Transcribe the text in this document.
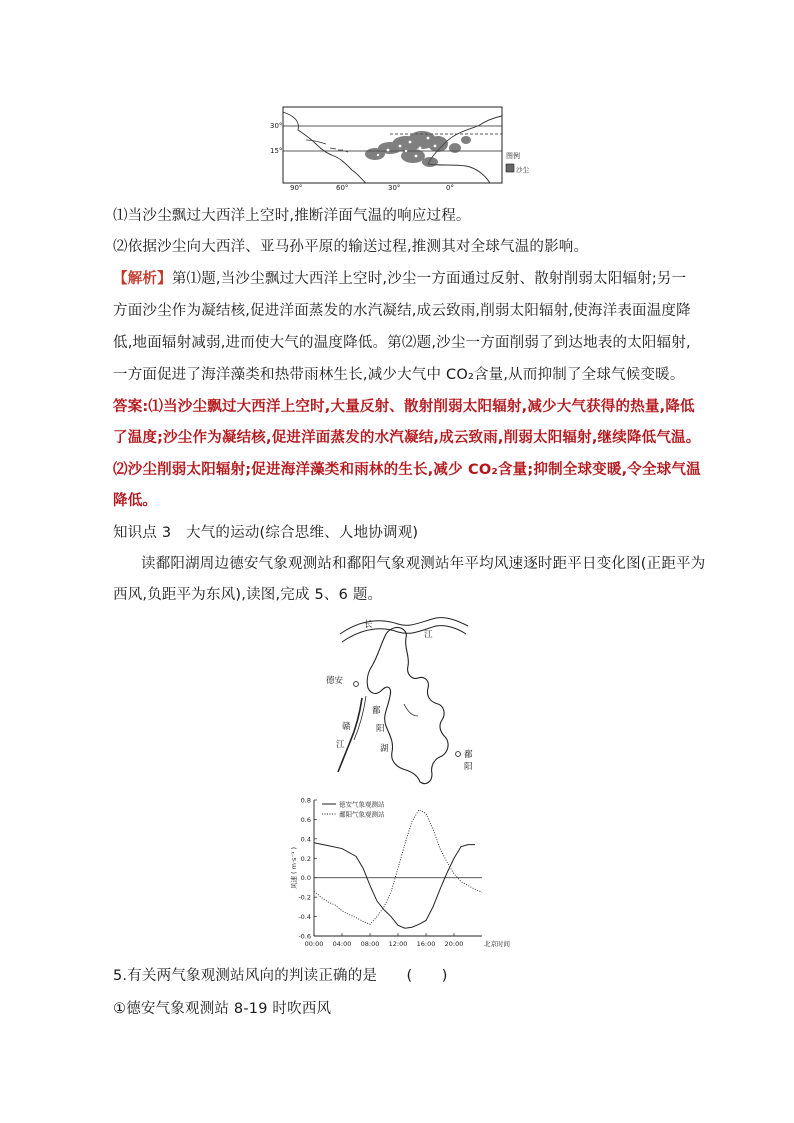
30°
15°
90°	60°	30°	0°
图例
沙尘
⑴当沙尘飘过大西洋上空时,推断洋面气温的响应过程。
⑵依据沙尘向大西洋、亚马孙平原的输送过程,推测其对全球气温的影响。
【解析】第⑴题,当沙尘飘过大西洋上空时,沙尘一方面通过反射、散射削弱太阳辐射;另一
方面沙尘作为凝结核,促进洋面蒸发的水汽凝结,成云致雨,削弱太阳辐射,使海洋表面温度降
低,地面辐射减弱,进而使大气的温度降低。第⑵题,沙尘一方面削弱了到达地表的太阳辐射,
一方面促进了海洋藻类和热带雨林生长,减少大气中 CO₂含量,从而抑制了全球气候变暖。
答案:⑴当沙尘飘过大西洋上空时,大量反射、散射削弱太阳辐射,减少大气获得的热量,降低
了温度;沙尘作为凝结核,促进洋面蒸发的水汽凝结,成云致雨,削弱太阳辐射,继续降低气温。
⑵沙尘削弱太阳辐射;促进海洋藻类和雨林的生长,减少 CO₂含量;抑制全球变暖,令全球气温
降低。
知识点 3　大气的运动(综合思维、人地协调观)
读鄱阳湖周边德安气象观测站和鄱阳气象观测站年平均风速逐时距平日变化图(正距平为
西风,负距平为东风),读图,完成 5、6 题。
长
江
德安
鄱
阳
湖
赣
江
鄱阳
0.8
0.6
0.4
0.2
0.0
-0.2
-0.4
-0.6
00:00 04:00 08:00 12:00 16:00 20:00	北京时间
风速 ( m·s⁻¹ )
德安气象观测站
鄱阳气象观测站
5.有关两气象观测站风向的判读正确的是　　(　　)
①德安气象观测站 8-19 时吹西风
